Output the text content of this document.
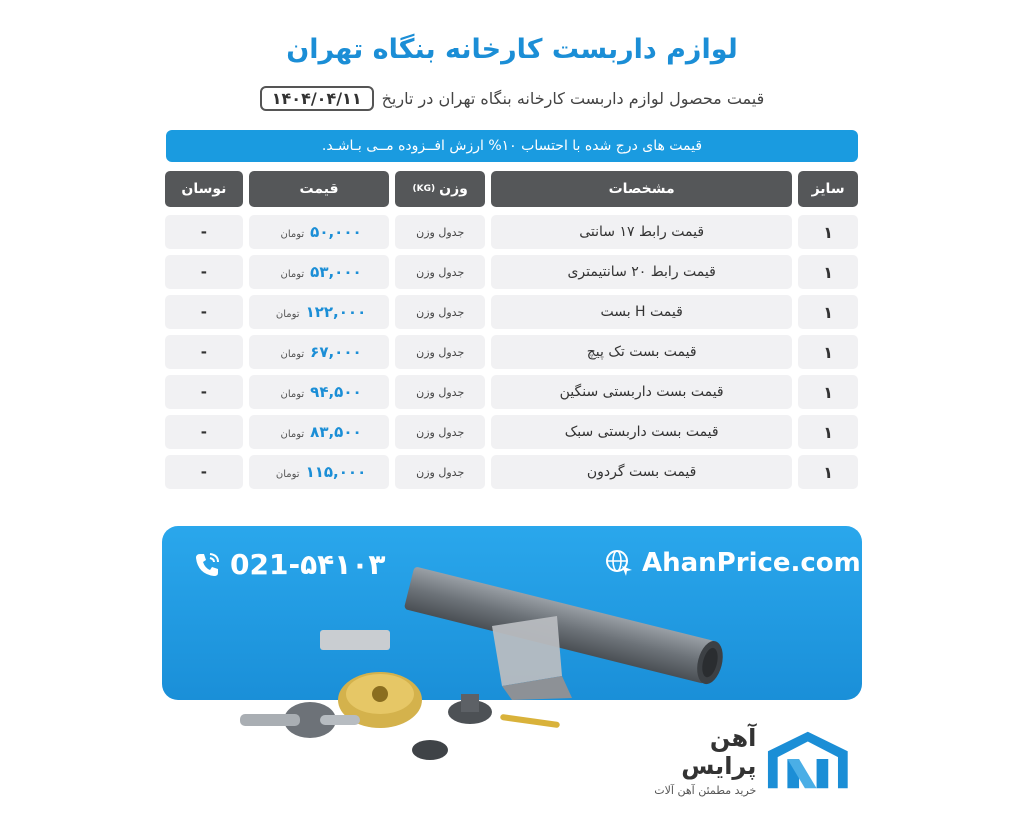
لوازم داربست کارخانه بنگاه تهران
قیمت محصول لوازم داربست کارخانه بنگاه تهران در تاریخ
۱۴۰۴/۰۴/۱۱
قیمت های درج شده با احتساب ۱۰% ارزش افــزوده مــی بـاشـد.
سایز
مشخصات
وزن
(KG)
قیمت
نوسان
۱
قیمت رابط ۱۷ سانتی
جدول وزن
۵۰,۰۰۰
تومان
-
۱
قیمت رابط ۲۰ سانتیمتری
جدول وزن
۵۳,۰۰۰
تومان
-
۱
قیمت H بست
جدول وزن
۱۲۲,۰۰۰
تومان
-
۱
قیمت بست تک پیچ
جدول وزن
۶۷,۰۰۰
تومان
-
۱
قیمت بست داربستی سنگین
جدول وزن
۹۴,۵۰۰
تومان
-
۱
قیمت بست داربستی سبک
جدول وزن
۸۳,۵۰۰
تومان
-
۱
قیمت بست گردون
جدول وزن
۱۱۵,۰۰۰
تومان
-
021-۵۴۱۰۳	AhanPrice.com
آهن پرایس
خرید مطمئن آهن آلات
